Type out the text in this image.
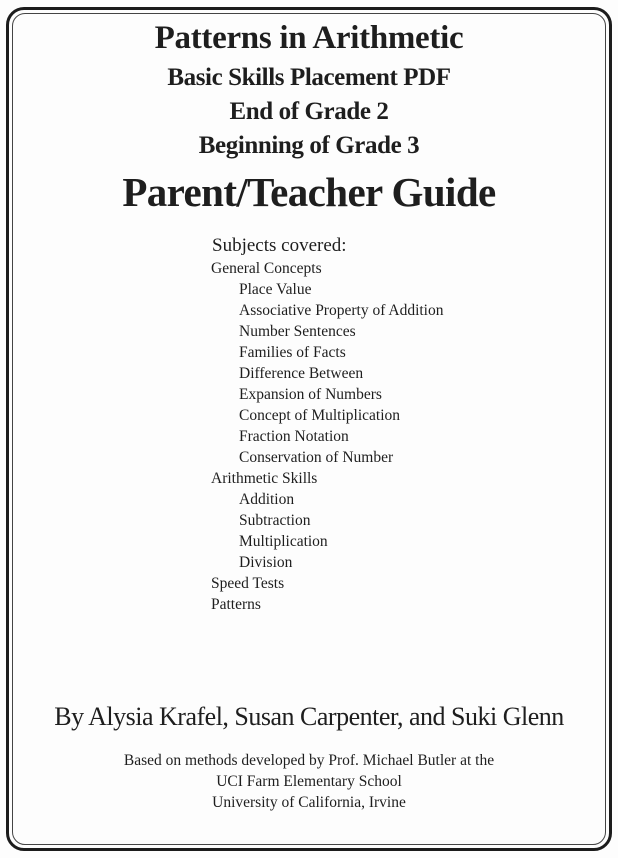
Patterns in Arithmetic
Basic Skills Placement PDF
End of Grade 2
Beginning of Grade 3
Parent/Teacher Guide
Subjects covered:
General Concepts
Place Value
Associative Property of Addition
Number Sentences
Families of Facts
Difference Between
Expansion of Numbers
Concept of Multiplication
Fraction Notation
Conservation of Number
Arithmetic Skills
Addition
Subtraction
Multiplication
Division
Speed Tests
Patterns
By Alysia Krafel, Susan Carpenter, and Suki Glenn
Based on methods developed by Prof. Michael Butler at the
UCI Farm Elementary School
University of California, Irvine
